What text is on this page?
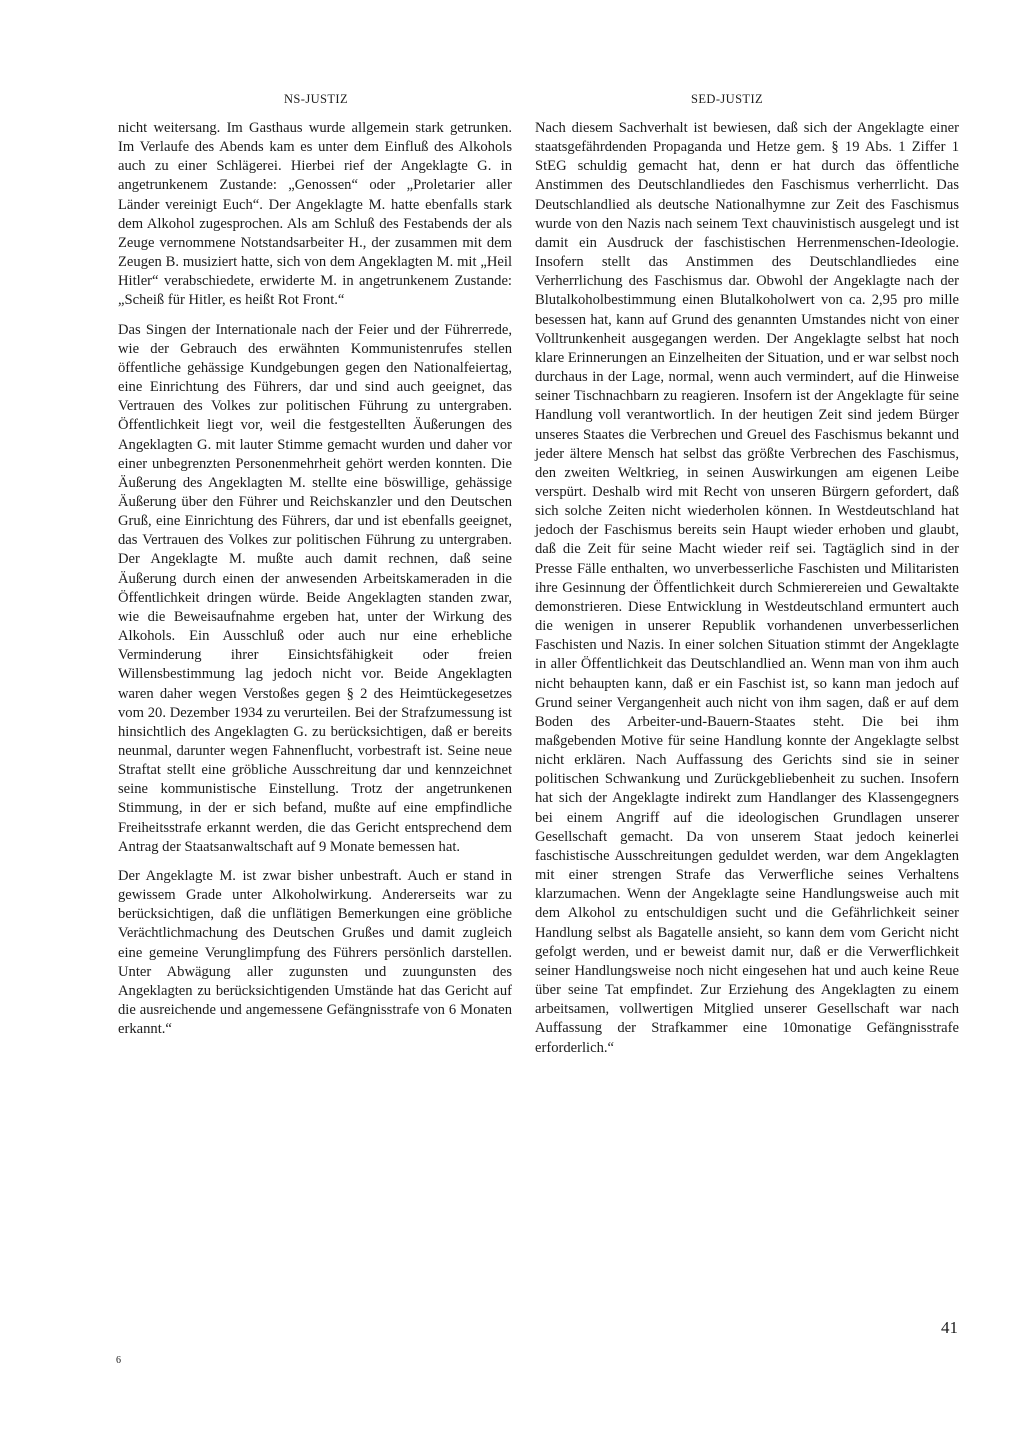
NS-JUSTIZ	SED-JUSTIZ

nicht weitersang. Im Gasthaus wurde allgemein stark getrunken. Im Verlaufe des Abends kam es unter dem Einfluß des Alkohols auch zu einer Schlägerei. Hierbei rief der Angeklagte G. in angetrunkenem Zustande: „Genossen“ oder „Proletarier aller Länder vereinigt Euch“. Der Angeklagte M. hatte ebenfalls stark dem Alkohol zugesprochen. Als am Schluß des Festabends der als Zeuge vernommene Notstandsarbeiter H., der zusammen mit dem Zeugen B. musiziert hatte, sich von dem Angeklagten M. mit „Heil Hitler“ verabschiedete, erwiderte M. in angetrunkenem Zustande: „Scheiß für Hitler, es heißt Rot Front.“

Das Singen der Internationale nach der Feier und der Führerrede, wie der Gebrauch des erwähnten Kommunistenrufes stellen öffentliche gehässige Kundgebungen gegen den Nationalfeiertag, eine Einrichtung des Führers, dar und sind auch geeignet, das Vertrauen des Volkes zur politischen Führung zu untergraben. Öffentlichkeit liegt vor, weil die festgestellten Äußerungen des Angeklagten G. mit lauter Stimme gemacht wurden und daher vor einer unbegrenzten Personenmehrheit gehört werden konnten. Die Äußerung des Angeklagten M. stellte eine böswillige, gehässige Äußerung über den Führer und Reichskanzler und den Deutschen Gruß, eine Einrichtung des Führers, dar und ist ebenfalls geeignet, das Vertrauen des Volkes zur politischen Führung zu untergraben. Der Angeklagte M. mußte auch damit rechnen, daß seine Äußerung durch einen der anwesenden Arbeitskameraden in die Öffentlichkeit dringen würde. Beide Angeklagten standen zwar, wie die Beweisaufnahme ergeben hat, unter der Wirkung des Alkohols. Ein Ausschluß oder auch nur eine erhebliche Verminderung ihrer Einsichtsfähigkeit oder freien Willensbestimmung lag jedoch nicht vor. Beide Angeklagten waren daher wegen Verstoßes gegen § 2 des Heimtückegesetzes vom 20. Dezember 1934 zu verurteilen. Bei der Strafzumessung ist hinsichtlich des Angeklagten G. zu berücksichtigen, daß er bereits neunmal, darunter wegen Fahnenflucht, vorbestraft ist. Seine neue Straftat stellt eine gröbliche Ausschreitung dar und kennzeichnet seine kommunistische Einstellung. Trotz der angetrunkenen Stimmung, in der er sich befand, mußte auf eine empfindliche Freiheitsstrafe erkannt werden, die das Gericht entsprechend dem Antrag der Staatsanwaltschaft auf 9 Monate bemessen hat.

Der Angeklagte M. ist zwar bisher unbestraft. Auch er stand in gewissem Grade unter Alkoholwirkung. Andererseits war zu berücksichtigen, daß die unflätigen Bemerkungen eine gröbliche Verächtlichmachung des Deutschen Grußes und damit zugleich eine gemeine Verunglimpfung des Führers persönlich darstellen. Unter Abwägung aller zugunsten und zuungunsten des Angeklagten zu berücksichtigenden Umstände hat das Gericht auf die ausreichende und angemessene Gefängnisstrafe von 6 Monaten erkannt.“

Nach diesem Sachverhalt ist bewiesen, daß sich der Angeklagte einer staatsgefährdenden Propaganda und Hetze gem. § 19 Abs. 1 Ziffer 1 StEG schuldig gemacht hat, denn er hat durch das öffentliche Anstimmen des Deutschlandliedes den Faschismus verherrlicht. Das Deutschlandlied als deutsche Nationalhymne zur Zeit des Faschismus wurde von den Nazis nach seinem Text chauvinistisch ausgelegt und ist damit ein Ausdruck der faschistischen Herrenmenschen-Ideologie. Insofern stellt das Anstimmen des Deutschlandliedes eine Verherrlichung des Faschismus dar. Obwohl der Angeklagte nach der Blutalkoholbestimmung einen Blutalkoholwert von ca. 2,95 pro mille besessen hat, kann auf Grund des genannten Umstandes nicht von einer Volltrunkenheit ausgegangen werden. Der Angeklagte selbst hat noch klare Erinnerungen an Einzelheiten der Situation, und er war selbst noch durchaus in der Lage, normal, wenn auch vermindert, auf die Hinweise seiner Tischnachbarn zu reagieren. Insofern ist der Angeklagte für seine Handlung voll verantwortlich. In der heutigen Zeit sind jedem Bürger unseres Staates die Verbrechen und Greuel des Faschismus bekannt und jeder ältere Mensch hat selbst das größte Verbrechen des Faschismus, den zweiten Weltkrieg, in seinen Auswirkungen am eigenen Leibe verspürt. Deshalb wird mit Recht von unseren Bürgern gefordert, daß sich solche Zeiten nicht wiederholen können. In Westdeutschland hat jedoch der Faschismus bereits sein Haupt wieder erhoben und glaubt, daß die Zeit für seine Macht wieder reif sei. Tagtäglich sind in der Presse Fälle enthalten, wo unverbesserliche Faschisten und Militaristen ihre Gesinnung der Öffentlichkeit durch Schmierereien und Gewaltakte demonstrieren. Diese Entwicklung in Westdeutschland ermuntert auch die wenigen in unserer Republik vorhandenen unverbesserlichen Faschisten und Nazis. In einer solchen Situation stimmt der Angeklagte in aller Öffentlichkeit das Deutschlandlied an. Wenn man von ihm auch nicht behaupten kann, daß er ein Faschist ist, so kann man jedoch auf Grund seiner Vergangenheit auch nicht von ihm sagen, daß er auf dem Boden des Arbeiter-und-Bauern-Staates steht. Die bei ihm maßgebenden Motive für seine Handlung konnte der Angeklagte selbst nicht erklären. Nach Auffassung des Gerichts sind sie in seiner politischen Schwankung und Zurückgebliebenheit zu suchen. Insofern hat sich der Angeklagte indirekt zum Handlanger des Klassengegners bei einem Angriff auf die ideologischen Grundlagen unserer Gesellschaft gemacht. Da von unserem Staat jedoch keinerlei faschistische Ausschreitungen geduldet werden, war dem Angeklagten mit einer strengen Strafe das Verwerfliche seines Verhaltens klarzumachen. Wenn der Angeklagte seine Handlungsweise auch mit dem Alkohol zu entschuldigen sucht und die Gefährlichkeit seiner Handlung selbst als Bagatelle ansieht, so kann dem vom Gericht nicht gefolgt werden, und er beweist damit nur, daß er die Verwerflichkeit seiner Handlungsweise noch nicht eingesehen hat und auch keine Reue über seine Tat empfindet. Zur Erziehung des Angeklagten zu einem arbeitsamen, vollwertigen Mitglied unserer Gesellschaft war nach Auffassung der Strafkammer eine 10monatige Gefängnisstrafe erforderlich.“

41
6
